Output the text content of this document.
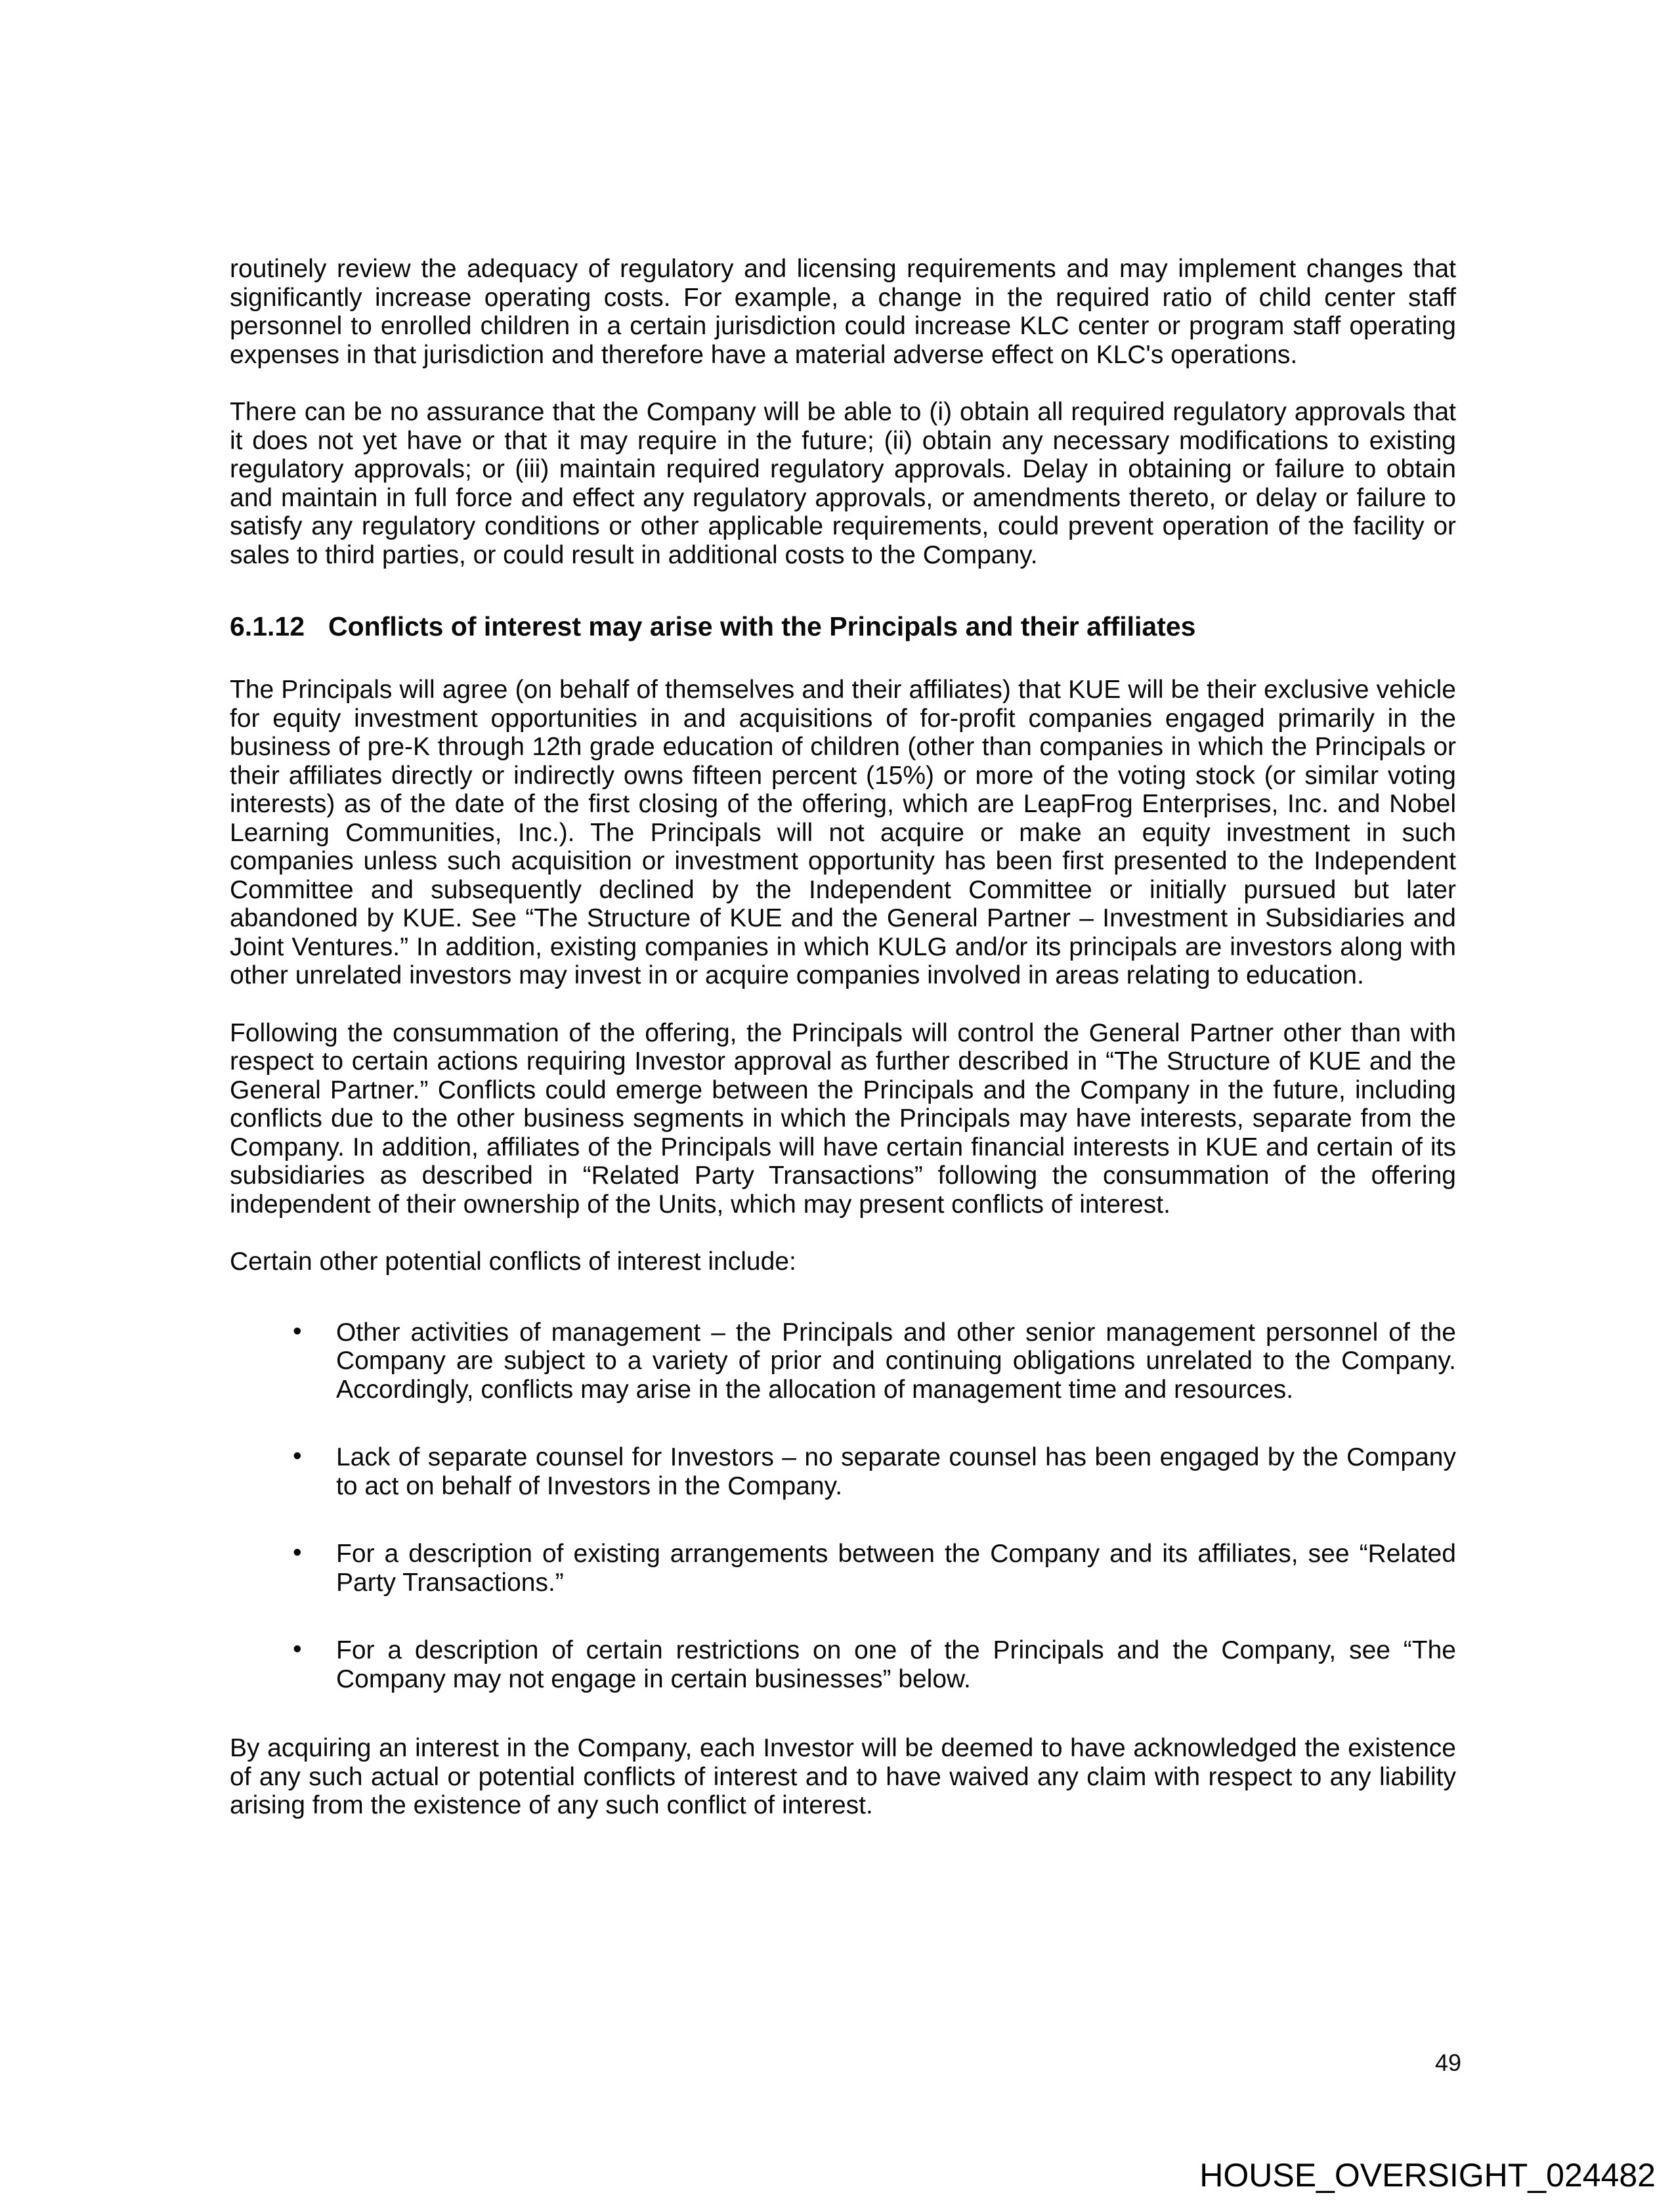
routinely review the adequacy of regulatory and licensing requirements and may implement changes that significantly increase operating costs. For example, a change in the required ratio of child center staff personnel to enrolled children in a certain jurisdiction could increase KLC center or program staff operating expenses in that jurisdiction and therefore have a material adverse effect on KLC's operations.

There can be no assurance that the Company will be able to (i) obtain all required regulatory approvals that it does not yet have or that it may require in the future; (ii) obtain any necessary modifications to existing regulatory approvals; or (iii) maintain required regulatory approvals. Delay in obtaining or failure to obtain and maintain in full force and effect any regulatory approvals, or amendments thereto, or delay or failure to satisfy any regulatory conditions or other applicable requirements, could prevent operation of the facility or sales to third parties, or could result in additional costs to the Company.

6.1.12 Conflicts of interest may arise with the Principals and their affiliates

The Principals will agree (on behalf of themselves and their affiliates) that KUE will be their exclusive vehicle for equity investment opportunities in and acquisitions of for-profit companies engaged primarily in the business of pre-K through 12th grade education of children (other than companies in which the Principals or their affiliates directly or indirectly owns fifteen percent (15%) or more of the voting stock (or similar voting interests) as of the date of the first closing of the offering, which are LeapFrog Enterprises, Inc. and Nobel Learning Communities, Inc.). The Principals will not acquire or make an equity investment in such companies unless such acquisition or investment opportunity has been first presented to the Independent Committee and subsequently declined by the Independent Committee or initially pursued but later abandoned by KUE. See “The Structure of KUE and the General Partner – Investment in Subsidiaries and Joint Ventures.” In addition, existing companies in which KULG and/or its principals are investors along with other unrelated investors may invest in or acquire companies involved in areas relating to education.

Following the consummation of the offering, the Principals will control the General Partner other than with respect to certain actions requiring Investor approval as further described in “The Structure of KUE and the General Partner.” Conflicts could emerge between the Principals and the Company in the future, including conflicts due to the other business segments in which the Principals may have interests, separate from the Company. In addition, affiliates of the Principals will have certain financial interests in KUE and certain of its subsidiaries as described in “Related Party Transactions” following the consummation of the offering independent of their ownership of the Units, which may present conflicts of interest.

Certain other potential conflicts of interest include:

• Other activities of management – the Principals and other senior management personnel of the Company are subject to a variety of prior and continuing obligations unrelated to the Company. Accordingly, conflicts may arise in the allocation of management time and resources.
• Lack of separate counsel for Investors – no separate counsel has been engaged by the Company to act on behalf of Investors in the Company.
• For a description of existing arrangements between the Company and its affiliates, see “Related Party Transactions.”
• For a description of certain restrictions on one of the Principals and the Company, see “The Company may not engage in certain businesses” below.

By acquiring an interest in the Company, each Investor will be deemed to have acknowledged the existence of any such actual or potential conflicts of interest and to have waived any claim with respect to any liability arising from the existence of any such conflict of interest.

49
HOUSE_OVERSIGHT_024482
